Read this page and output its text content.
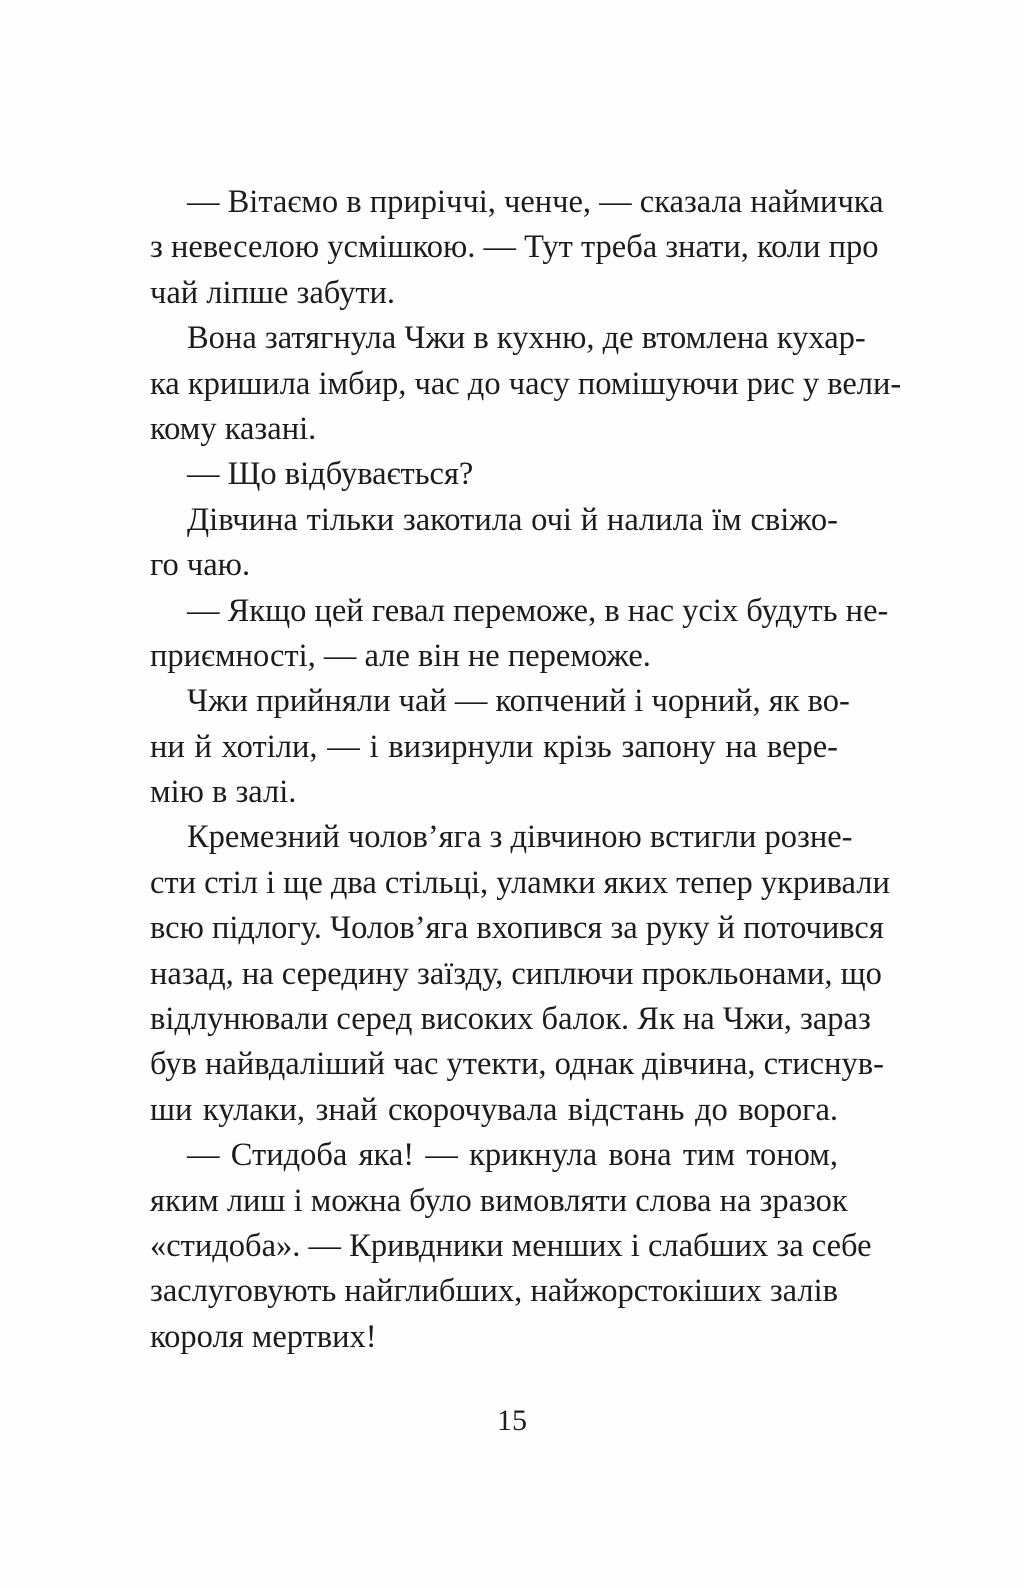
— Вітаємо в приріччі, ченче, — сказала наймичка
з невеселою усмішкою. — Тут треба знати, коли про
чай ліпше забути.
Вона затягнула Чжи в кухню, де втомлена кухар-
ка кришила імбир, час до часу помішуючи рис у вели-
кому казані.
— Що відбувається?
Дівчина тільки закотила очі й налила їм свіжо-
го чаю.
— Якщо цей гевал переможе, в нас усіх будуть не-
приємності, — але він не переможе.
Чжи прийняли чай — копчений і чорний, як во-
ни й хотіли, — і визирнули крізь запону на вере-
мію в залі.
Кремезний чолов’яга з дівчиною встигли розне-
сти стіл і ще два стільці, уламки яких тепер укривали
всю підлогу. Чолов’яга вхопився за руку й поточився
назад, на середину заїзду, сиплючи прокльонами, що
відлунювали серед високих балок. Як на Чжи, зараз
був найвдаліший час утекти, однак дівчина, стиснув-
ши кулаки, знай скорочувала відстань до ворога.
— Стидоба яка! — крикнула вона тим тоном,
яким лиш і можна було вимовляти слова на зразок
«стидоба». — Кривдники менших і слабших за себе
заслуговують найглибших, найжорстокіших залів
короля мертвих!
15
